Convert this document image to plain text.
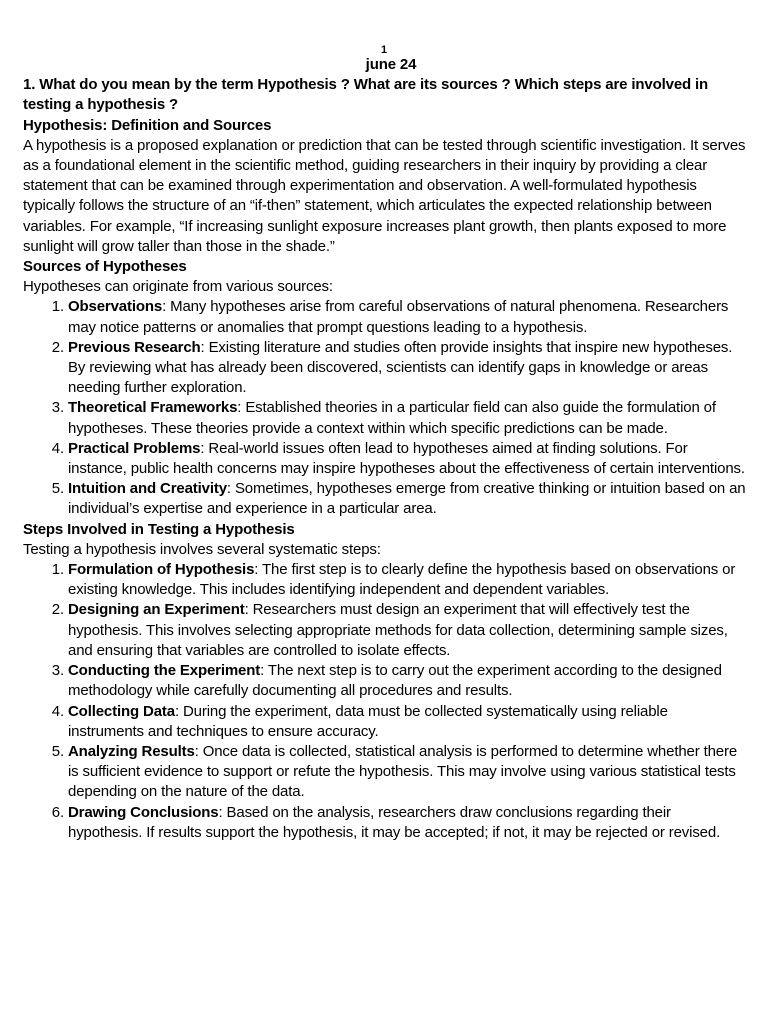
1

june 24

1. What do you mean by the term Hypothesis ? What are its sources ? Which steps are involved in testing a hypothesis ?

Hypothesis: Definition and Sources

A hypothesis is a proposed explanation or prediction that can be tested through scientific investigation. It serves as a foundational element in the scientific method, guiding researchers in their inquiry by providing a clear statement that can be examined through experimentation and observation. A well-formulated hypothesis typically follows the structure of an “if-then” statement, which articulates the expected relationship between variables. For example, “If increasing sunlight exposure increases plant growth, then plants exposed to more sunlight will grow taller than those in the shade.”

Sources of Hypotheses

Hypotheses can originate from various sources:

1. Observations: Many hypotheses arise from careful observations of natural phenomena. Researchers may notice patterns or anomalies that prompt questions leading to a hypothesis.
2. Previous Research: Existing literature and studies often provide insights that inspire new hypotheses. By reviewing what has already been discovered, scientists can identify gaps in knowledge or areas needing further exploration.
3. Theoretical Frameworks: Established theories in a particular field can also guide the formulation of hypotheses. These theories provide a context within which specific predictions can be made.
4. Practical Problems: Real-world issues often lead to hypotheses aimed at finding solutions. For instance, public health concerns may inspire hypotheses about the effectiveness of certain interventions.
5. Intuition and Creativity: Sometimes, hypotheses emerge from creative thinking or intuition based on an individual’s expertise and experience in a particular area.
Steps Involved in Testing a Hypothesis

Testing a hypothesis involves several systematic steps:

1. Formulation of Hypothesis: The first step is to clearly define the hypothesis based on observations or existing knowledge. This includes identifying independent and dependent variables.
2. Designing an Experiment: Researchers must design an experiment that will effectively test the hypothesis. This involves selecting appropriate methods for data collection, determining sample sizes, and ensuring that variables are controlled to isolate effects.
3. Conducting the Experiment: The next step is to carry out the experiment according to the designed methodology while carefully documenting all procedures and results.
4. Collecting Data: During the experiment, data must be collected systematically using reliable instruments and techniques to ensure accuracy.
5. Analyzing Results: Once data is collected, statistical analysis is performed to determine whether there is sufficient evidence to support or refute the hypothesis. This may involve using various statistical tests depending on the nature of the data.
6. Drawing Conclusions: Based on the analysis, researchers draw conclusions regarding their hypothesis. If results support the hypothesis, it may be accepted; if not, it may be rejected or revised.
